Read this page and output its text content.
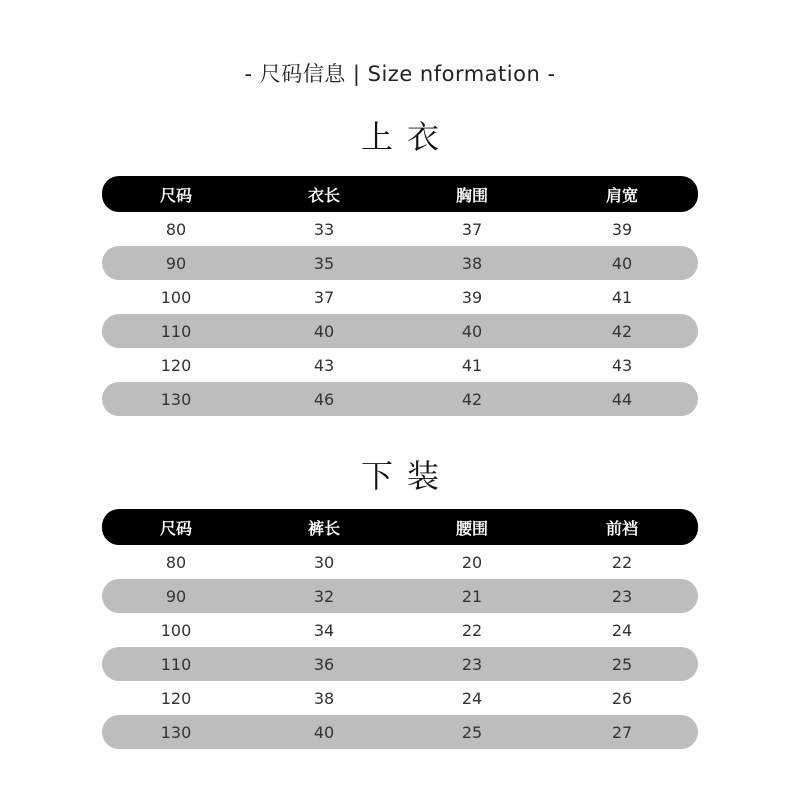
- 尺码信息 | Size nformation -
上衣
尺码	衣长	胸围	肩宽
80	33	37	39
90	35	38	40
100	37	39	41
110	40	40	42
120	43	41	43
130	46	42	44
下装
尺码	裤长	腰围	前裆
80	30	20	22
90	32	21	23
100	34	22	24
110	36	23	25
120	38	24	26
130	40	25	27
